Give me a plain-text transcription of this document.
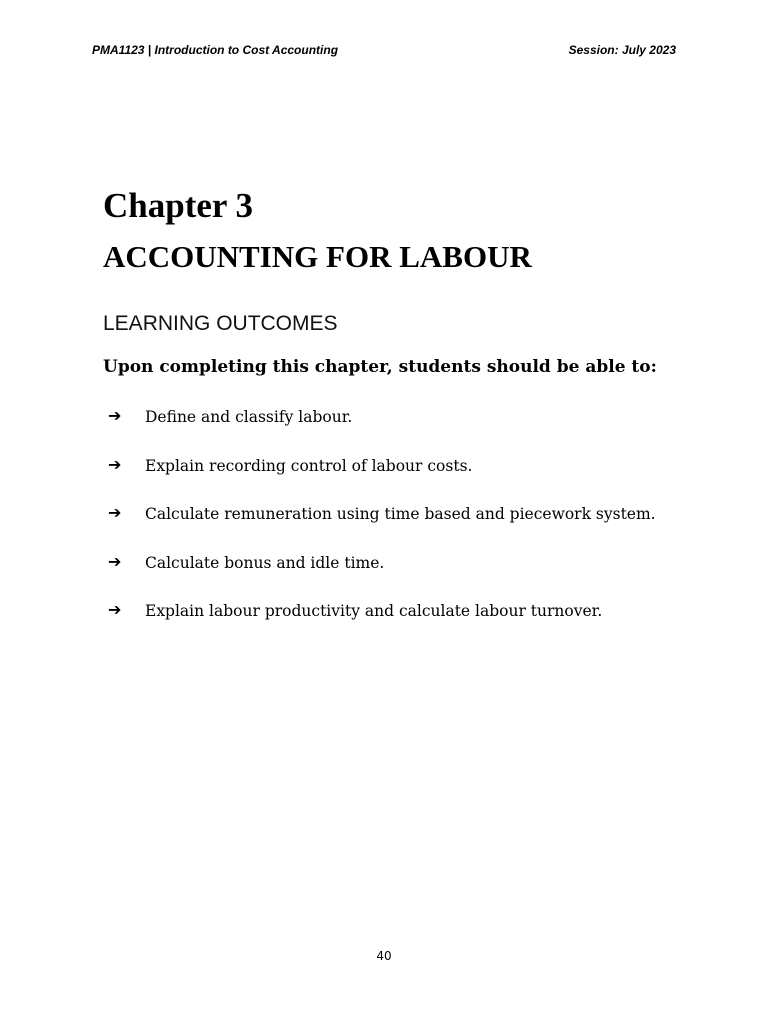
PMA1123 | Introduction to Cost Accounting	Session: July 2023
Chapter 3
ACCOUNTING FOR LABOUR
LEARNING OUTCOMES
Upon completing this chapter, students should be able to:
➔	Define and classify labour.
➔	Explain recording control of labour costs.
➔	Calculate remuneration using time based and piecework system.
➔	Calculate bonus and idle time.
➔	Explain labour productivity and calculate labour turnover.
40
